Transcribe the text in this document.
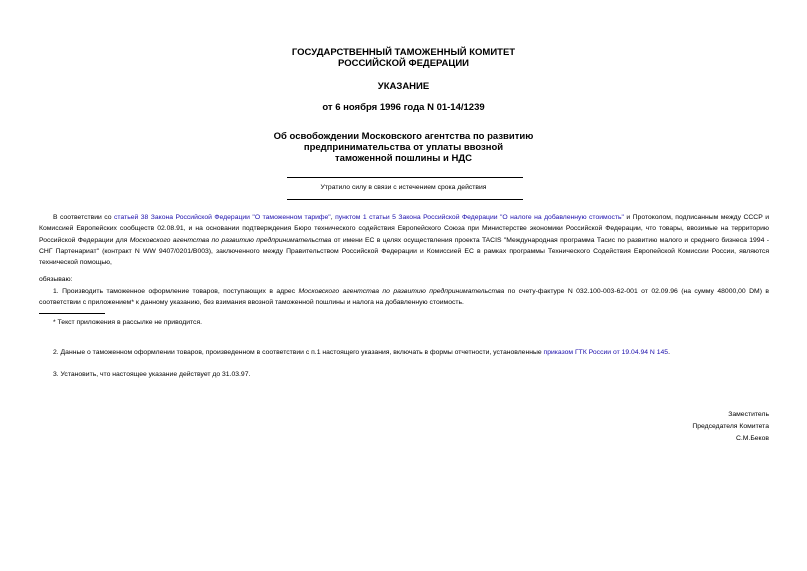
ГОСУДАРСТВЕННЫЙ ТАМОЖЕННЫЙ КОМИТЕТ
РОССИЙСКОЙ ФЕДЕРАЦИИ
УКАЗАНИЕ
от 6 ноября 1996 года N 01-14/1239
Об освобождении Московского агентства по развитию
предпринимательства от уплаты ввозной
таможенной пошлины и НДС
Утратило силу в связи с истечением срока действия
В соответствии со статьей 38 Закона Российской Федерации "О таможенном тарифе", пунктом 1 статьи 5 Закона Российской Федерации "О налоге на добавленную стоимость" и Протоколом, подписанным между СССР и Комиссией Европейских сообществ 02.08.91, и на основании подтверждения Бюро технического содействия Европейского Союза при Министерстве экономики Российской Федерации, что товары, ввозимые на территорию Российской Федерации для Московского агентства по развитию предпринимательства от имени ЕС в целях осуществления проекта TACIS "Международная программа Тасис по развитию малого и среднего бизнеса 1994 - СНГ Партенариат" (контракт N WW 9407/0201/B003), заключенного между Правительством Российской Федерации и Комиссией ЕС в рамках программы Технического Содействия Европейской Комиссии России, являются технической помощью,
обязываю:
1. Производить таможенное оформление товаров, поступающих в адрес Московского агентства по развитию предпринимательства по счету-фактуре N 032.100-003-62-001 от 02.09.96 (на сумму 48000,00 DM) в соответствии с приложением* к данному указанию, без взимания ввозной таможенной пошлины и налога на добавленную стоимость.
* Текст приложения в рассылке не приводится.
2. Данные о таможенном оформлении товаров, произведенном в соответствии с п.1 настоящего указания, включать в формы отчетности, установленные приказом ГТК России от 19.04.94 N 145.
3. Установить, что настоящее указание действует до 31.03.97.
Заместитель
Председателя Комитета
С.М.Беков
